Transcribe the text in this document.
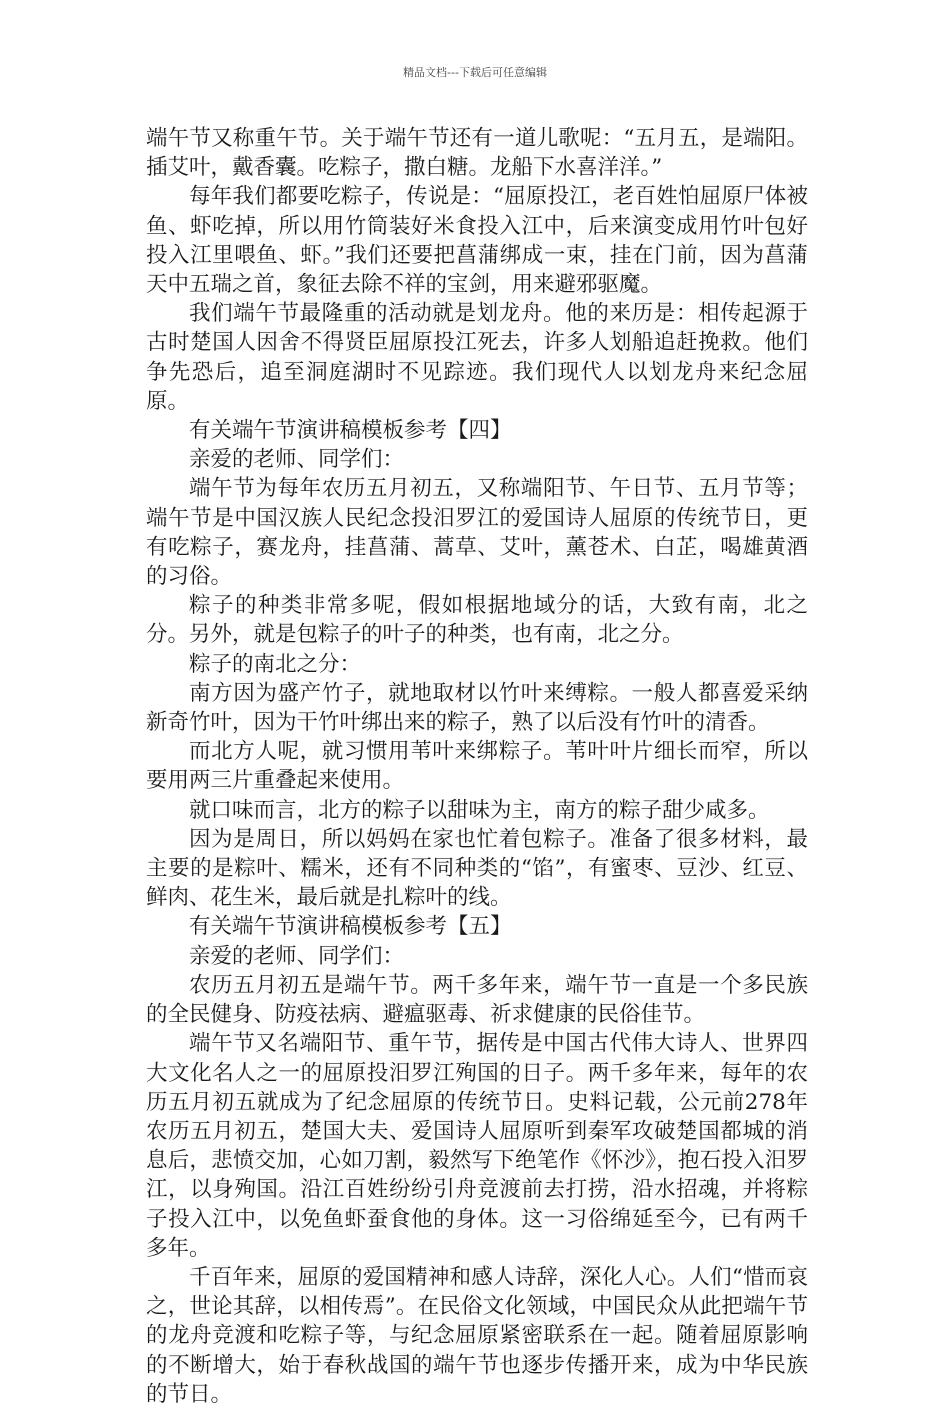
精品文档---下载后可任意编辑

端午节又称重午节。关于端午节还有一道儿歌呢：“五月五，是端阳。插艾叶，戴香囊。吃粽子，撒白糖。龙船下水喜洋洋。”

每年我们都要吃粽子，传说是：“屈原投江，老百姓怕屈原尸体被鱼、虾吃掉，所以用竹筒装好米食投入江中，后来演变成用竹叶包好投入江里喂鱼、虾。”我们还要把菖蒲绑成一束，挂在门前，因为菖蒲天中五瑞之首，象征去除不祥的宝剑，用来避邪驱魔。

我们端午节最隆重的活动就是划龙舟。他的来历是：相传起源于古时楚国人因舍不得贤臣屈原投江死去，许多人划船追赶挽救。他们争先恐后，追至洞庭湖时不见踪迹。我们现代人以划龙舟来纪念屈原。

有关端午节演讲稿模板参考【四】

亲爱的老师、同学们：

端午节为每年农历五月初五，又称端阳节、午日节、五月节等；端午节是中国汉族人民纪念投汨罗江的爱国诗人屈原的传统节日，更有吃粽子，赛龙舟，挂菖蒲、蒿草、艾叶，薰苍术、白芷，喝雄黄酒的习俗。

粽子的种类非常多呢，假如根据地域分的话，大致有南，北之分。另外，就是包粽子的叶子的种类，也有南，北之分。

粽子的南北之分：

南方因为盛产竹子，就地取材以竹叶来缚粽。一般人都喜爱采纳新奇竹叶，因为干竹叶绑出来的粽子，熟了以后没有竹叶的清香。

而北方人呢，就习惯用苇叶来绑粽子。苇叶叶片细长而窄，所以要用两三片重叠起来使用。

就口味而言，北方的粽子以甜味为主，南方的粽子甜少咸多。

因为是周日，所以妈妈在家也忙着包粽子。准备了很多材料，最主要的是粽叶、糯米，还有不同种类的“馅”，有蜜枣、豆沙、红豆、鲜肉、花生米，最后就是扎粽叶的线。

有关端午节演讲稿模板参考【五】

亲爱的老师、同学们：

农历五月初五是端午节。两千多年来，端午节一直是一个多民族的全民健身、防疫祛病、避瘟驱毒、祈求健康的民俗佳节。

端午节又名端阳节、重午节，据传是中国古代伟大诗人、世界四大文化名人之一的屈原投汨罗江殉国的日子。两千多年来，每年的农历五月初五就成为了纪念屈原的传统节日。史料记载，公元前278年农历五月初五，楚国大夫、爱国诗人屈原听到秦军攻破楚国都城的消息后，悲愤交加，心如刀割，毅然写下绝笔作《怀沙》，抱石投入汨罗江，以身殉国。沿江百姓纷纷引舟竞渡前去打捞，沿水招魂，并将粽子投入江中，以免鱼虾蚕食他的身体。这一习俗绵延至今，已有两千多年。

千百年来，屈原的爱国精神和感人诗辞，深化人心。人们“惜而哀之，世论其辞，以相传焉”。在民俗文化领域，中国民众从此把端午节的龙舟竞渡和吃粽子等，与纪念屈原紧密联系在一起。随着屈原影响的不断增大，始于春秋战国的端午节也逐步传播开来，成为中华民族的节日。
